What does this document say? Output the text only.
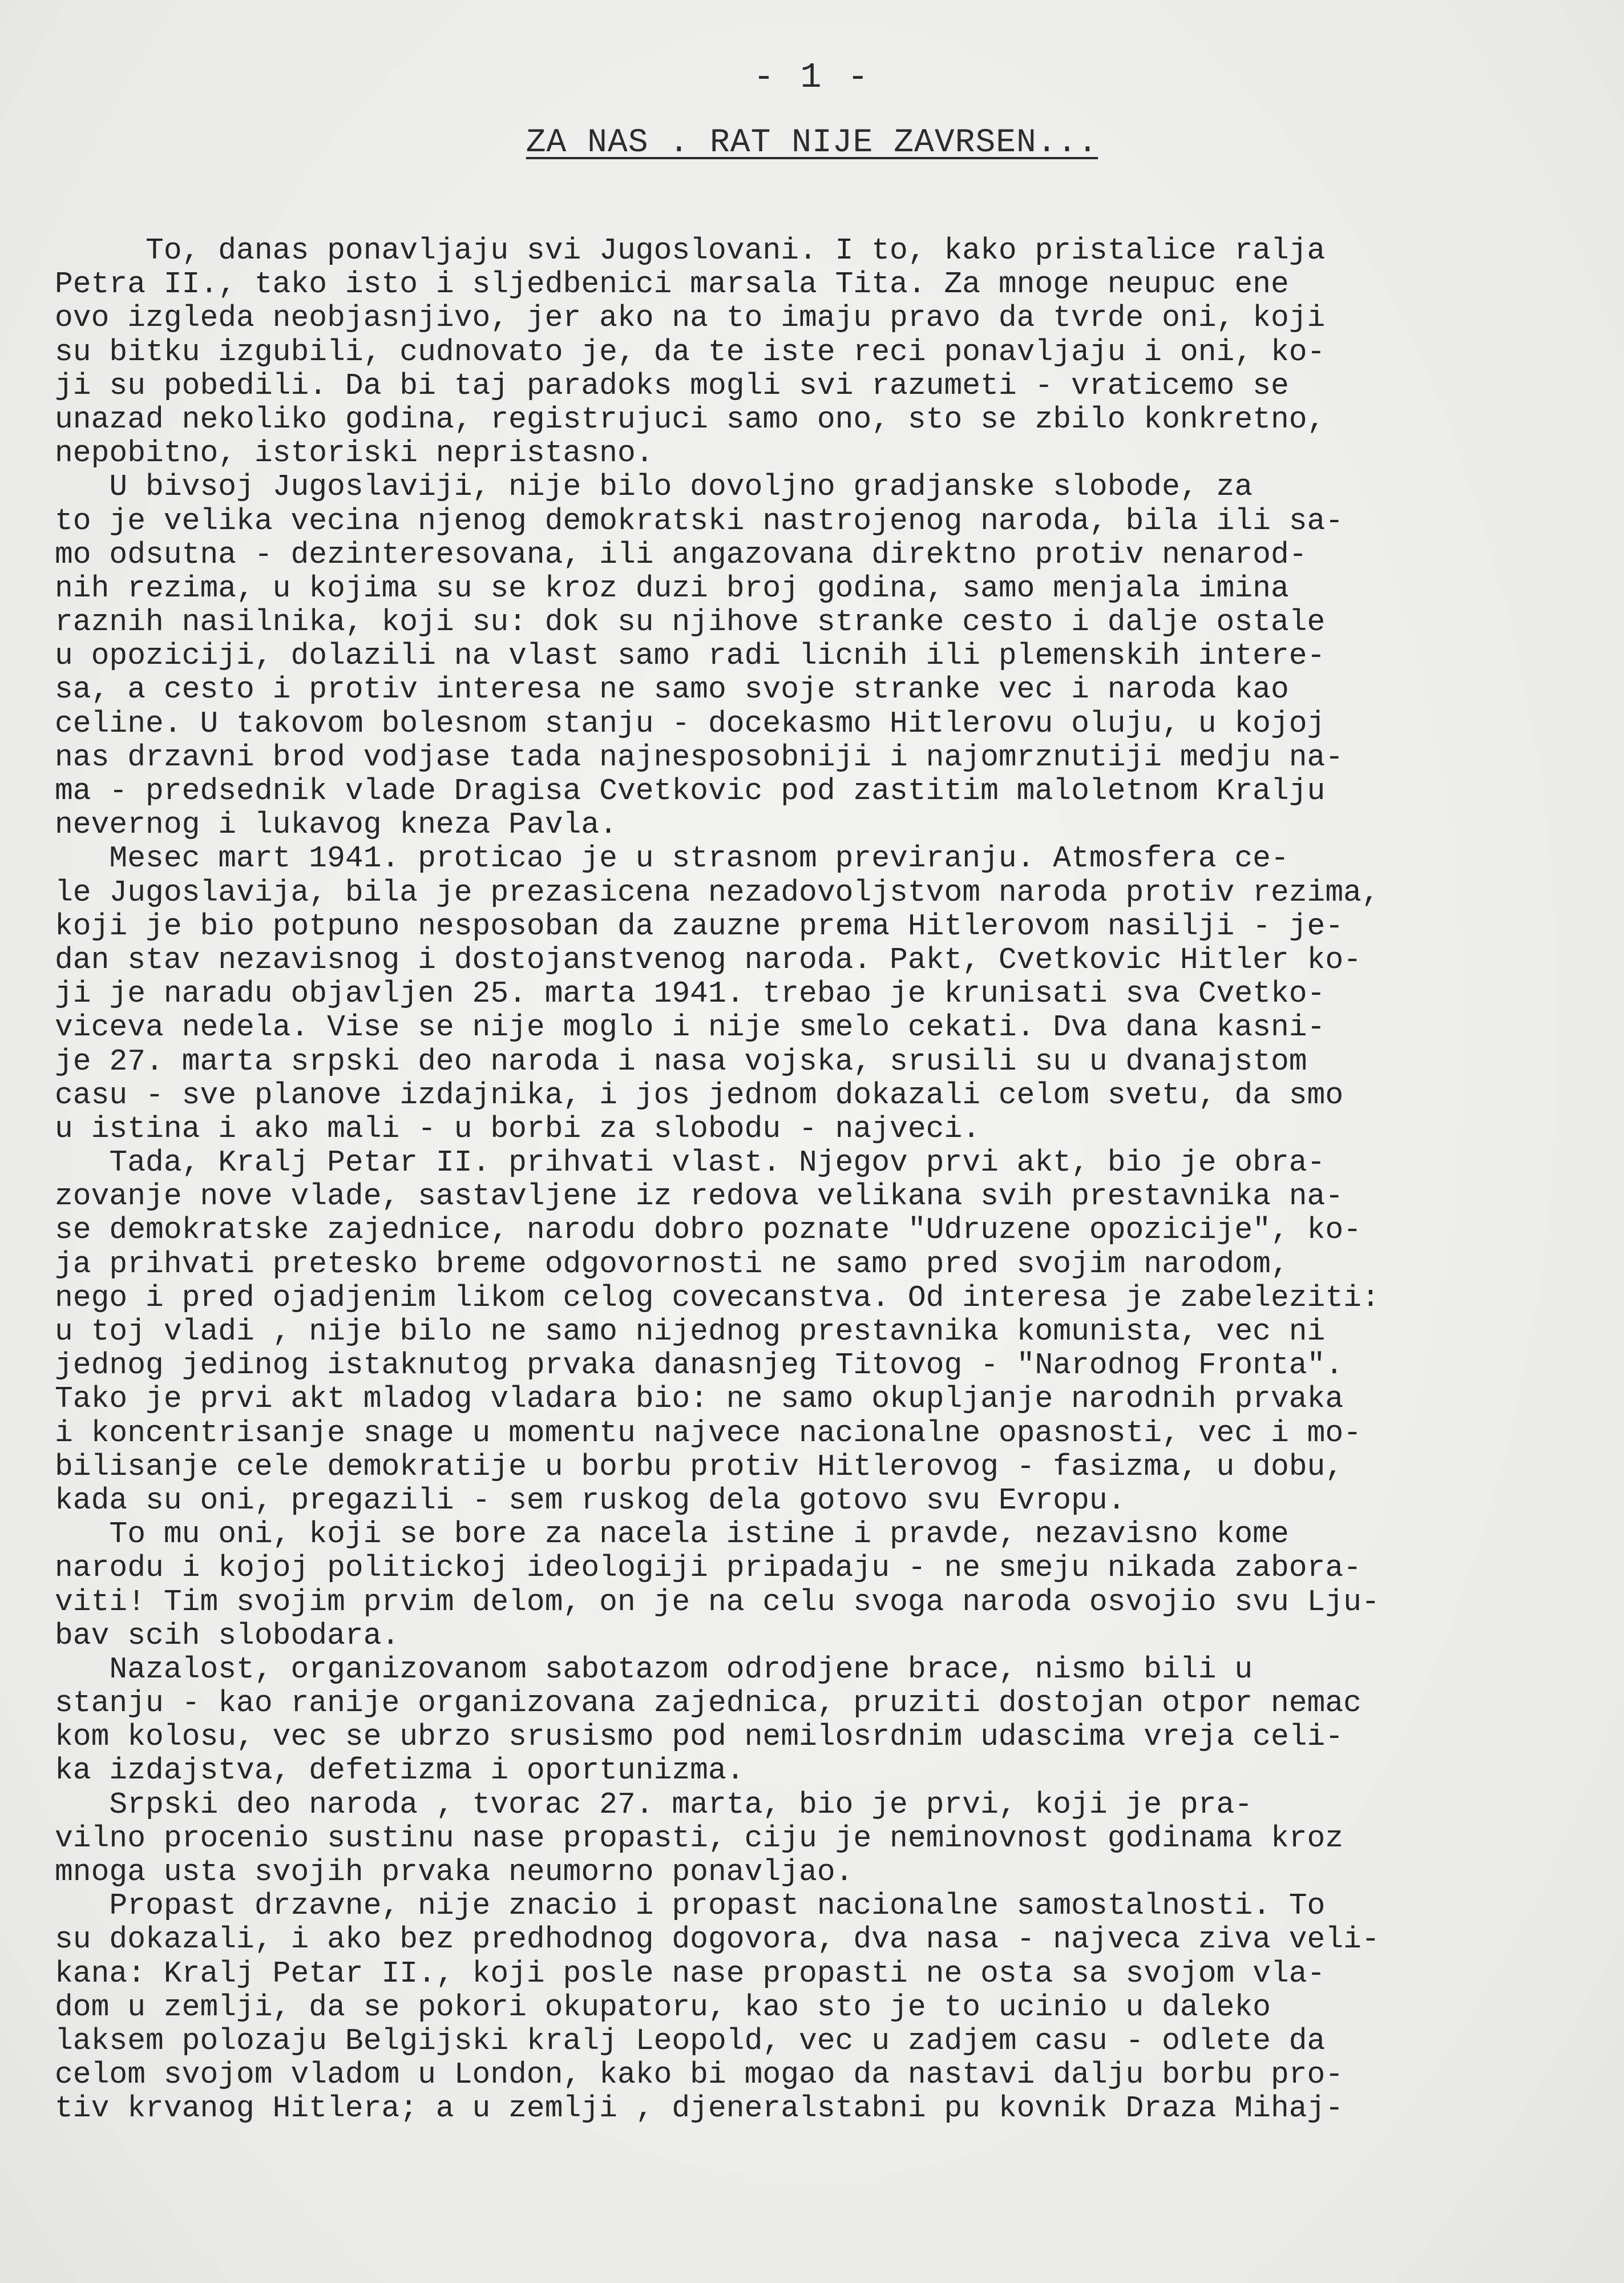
- 1 -
ZA NAS . RAT NIJE ZAVRSEN...
To, danas ponavljaju svi Jugoslovani. I to, kako pristalice ralja
Petra II., tako isto i sljedbenici marsala Tita. Za mnoge neupuc ene
ovo izgleda neobjasnjivo, jer ako na to imaju pravo da tvrde oni, koji
su bitku izgubili, cudnovato je, da te iste reci ponavljaju i oni, ko-
ji su pobedili. Da bi taj paradoks mogli svi razumeti - vraticemo se
unazad nekoliko godina, registrujuci samo ono, sto se zbilo konkretno,
nepobitno, istoriski nepristasno.
U bivsoj Jugoslaviji, nije bilo dovoljno gradjanske slobode, za
to je velika vecina njenog demokratski nastrojenog naroda, bila ili sa-
mo odsutna - dezinteresovana, ili angazovana direktno protiv nenarod-
nih rezima, u kojima su se kroz duzi broj godina, samo menjala imina
raznih nasilnika, koji su: dok su njihove stranke cesto i dalje ostale
u opoziciji, dolazili na vlast samo radi licnih ili plemenskih intere-
sa, a cesto i protiv interesa ne samo svoje stranke vec i naroda kao
celine. U takovom bolesnom stanju - docekasmo Hitlerovu oluju, u kojoj
nas drzavni brod vodjase tada najnesposobniji i najomrznutiji medju na-
ma - predsednik vlade Dragisa Cvetkovic pod zastitim maloletnom Kralju
nevernog i lukavog kneza Pavla.
Mesec mart 1941. proticao je u strasnom previranju. Atmosfera ce-
le Jugoslavija, bila je prezasicena nezadovoljstvom naroda protiv rezima,
koji je bio potpuno nesposoban da zauzne prema Hitlerovom nasilji - je-
dan stav nezavisnog i dostojanstvenog naroda. Pakt, Cvetkovic Hitler ko-
ji je naradu objavljen 25. marta 1941. trebao je krunisati sva Cvetko-
viceva nedela. Vise se nije moglo i nije smelo cekati. Dva dana kasni-
je 27. marta srpski deo naroda i nasa vojska, srusili su u dvanajstom
casu - sve planove izdajnika, i jos jednom dokazali celom svetu, da smo
u istina i ako mali - u borbi za slobodu - najveci.
Tada, Kralj Petar II. prihvati vlast. Njegov prvi akt, bio je obra-
zovanje nove vlade, sastavljene iz redova velikana svih prestavnika na-
se demokratske zajednice, narodu dobro poznate "Udruzene opozicije", ko-
ja prihvati pretesko breme odgovornosti ne samo pred svojim narodom,
nego i pred ojadjenim likom celog covecanstva. Od interesa je zabeleziti:
u toj vladi , nije bilo ne samo nijednog prestavnika komunista, vec ni
jednog jedinog istaknutog prvaka danasnjeg Titovog - "Narodnog Fronta".
Tako je prvi akt mladog vladara bio: ne samo okupljanje narodnih prvaka
i koncentrisanje snage u momentu najvece nacionalne opasnosti, vec i mo-
bilisanje cele demokratije u borbu protiv Hitlerovog - fasizma, u dobu,
kada su oni, pregazili - sem ruskog dela gotovo svu Evropu.
To mu oni, koji se bore za nacela istine i pravde, nezavisno kome
narodu i kojoj politickoj ideologiji pripadaju - ne smeju nikada zabora-
viti! Tim svojim prvim delom, on je na celu svoga naroda osvojio svu Lju-
bav scih slobodara.
Nazalost, organizovanom sabotazom odrodjene brace, nismo bili u
stanju - kao ranije organizovana zajednica, pruziti dostojan otpor nemac
kom kolosu, vec se ubrzo srusismo pod nemilosrdnim udascima vreja celi-
ka izdajstva, defetizma i oportunizma.
Srpski deo naroda , tvorac 27. marta, bio je prvi, koji je pra-
vilno procenio sustinu nase propasti, ciju je neminovnost godinama kroz
mnoga usta svojih prvaka neumorno ponavljao.
Propast drzavne, nije znacio i propast nacionalne samostalnosti. To
su dokazali, i ako bez predhodnog dogovora, dva nasa - najveca ziva veli-
kana: Kralj Petar II., koji posle nase propasti ne osta sa svojom vla-
dom u zemlji, da se pokori okupatoru, kao sto je to ucinio u daleko
laksem polozaju Belgijski kralj Leopold, vec u zadjem casu - odlete da
celom svojom vladom u London, kako bi mogao da nastavi dalju borbu pro-
tiv krvanog Hitlera; a u zemlji , djeneralstabni pu kovnik Draza Mihaj-
